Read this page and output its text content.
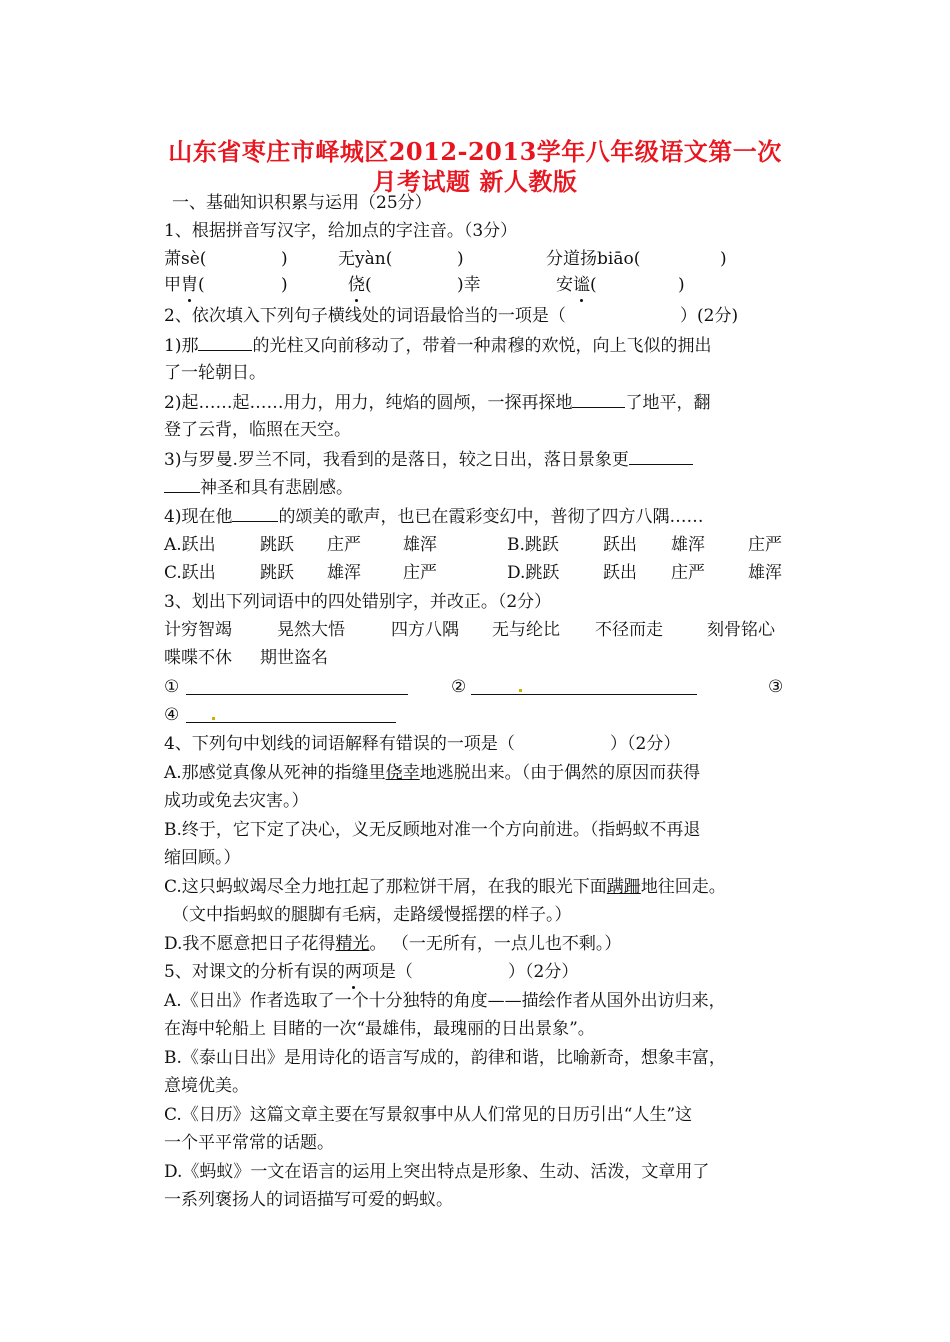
山东省枣庄市峄城区2012-2013学年八年级语文第一次
月考试题 新人教版
一、基础知识积累与运用（25分）
1、根据拼音写汉字，给加点的字注音。（3分）
萧sè(	)	无yàn(	)	分道扬biāo(	)
甲胄(	)	侥(	)幸	安谧(	)
2、依次填入下列句子横线处的词语最恰当的一项是（	）(2分)
1)那	的光柱又向前移动了，带着一种肃穆的欢悦，向上飞似的拥出
了一轮朝日。
2)起……起……用力，用力，纯焰的圆颅，一探再探地	了地平，翻
登了云背，临照在天空。
3)与罗曼.罗兰不同，我看到的是落日，较之日出，落日景象更
神圣和具有悲剧感。
4)现在他	的颂美的歌声，也已在霞彩变幻中，普彻了四方八隅……
A.跃出	跳跃 庄严 雄浑	B.跳跃	跃出 雄浑	庄严
C.跃出	跳跃 雄浑 庄严	D.跳跃	跃出 庄严	雄浑
3、划出下列词语中的四处错别字，并改正。（2分）
计穷智竭	晃然大悟	四方八隅 无与纶比 不径而走	刻骨铭心
喋喋不休 期世盗名
①	②	③
④
4、下列句中划线的词语解释有错误的一项是（	）（2分）
A.那感觉真像从死神的指缝里侥幸地逃脱出来。（由于偶然的原因而获得
成功或免去灾害。）
B.终于，它下定了决心，义无反顾地对准一个方向前进。（指蚂蚁不再退
缩回顾。）
C.这只蚂蚁竭尽全力地扛起了那粒饼干屑，在我的眼光下面蹒跚地往回走。
（文中指蚂蚁的腿脚有毛病，走路缓慢摇摆的样子。）
D.我不愿意把日子花得精光。 （一无所有，一点儿也不剩。）
5、对课文的分析有误的两项是（	）（2分）
A.《日出》作者选取了一个十分独特的角度——描绘作者从国外出访归来，
在海中轮船上 目睹的一次“最雄伟，最瑰丽的日出景象”。
B.《泰山日出》是用诗化的语言写成的，韵律和谐，比喻新奇，想象丰富，
意境优美。
C.《日历》这篇文章主要在写景叙事中从人们常见的日历引出“人生”这
一个平平常常的话题。
D.《蚂蚁》一文在语言的运用上突出特点是形象、生动、活泼，文章用了
一系列褒扬人的词语描写可爱的蚂蚁。
